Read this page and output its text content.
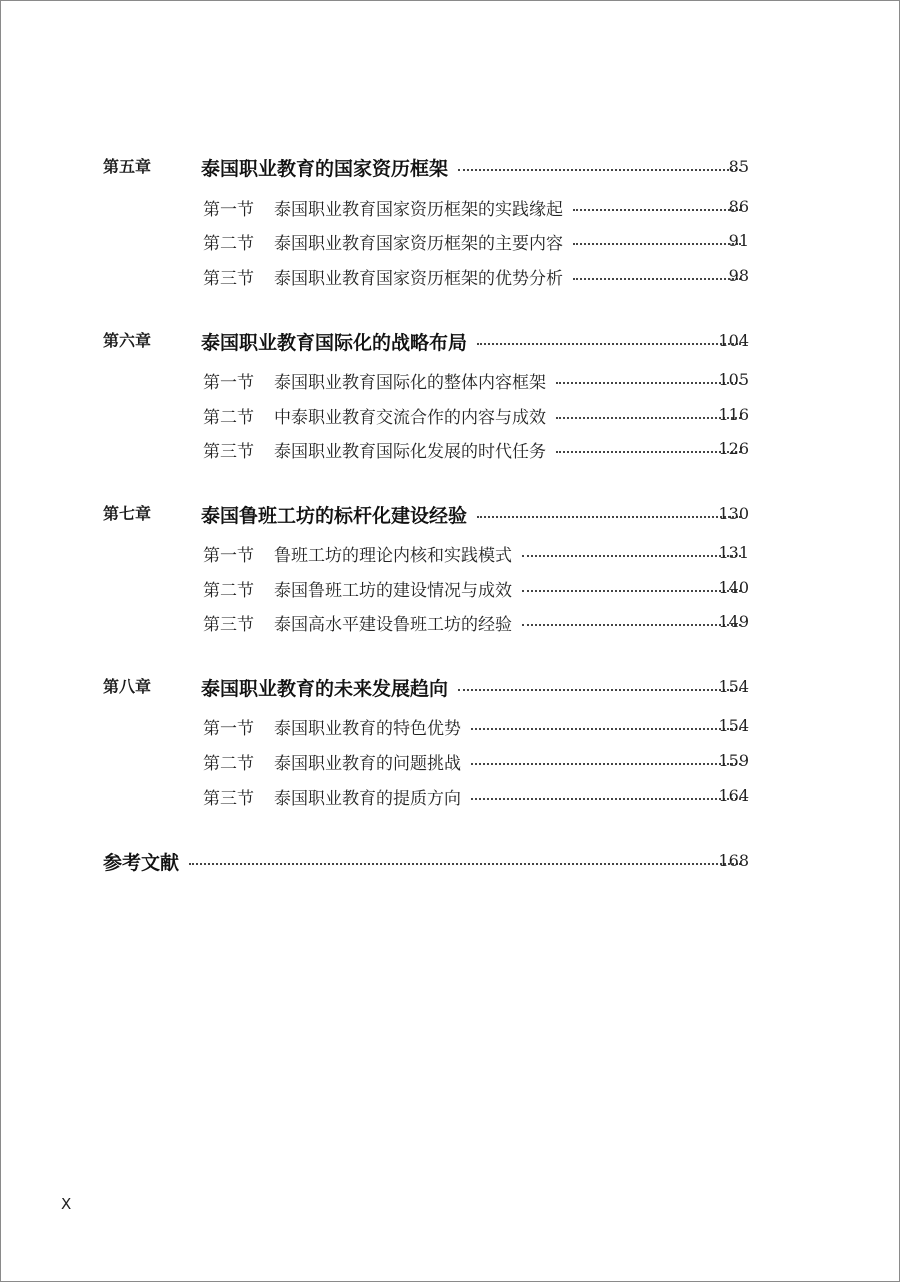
第五章	泰国职业教育的国家资历框架	85
第一节 泰国职业教育国家资历框架的实践缘起	86
第二节 泰国职业教育国家资历框架的主要内容	91
第三节 泰国职业教育国家资历框架的优势分析	98
第六章	泰国职业教育国际化的战略布局	104
第一节 泰国职业教育国际化的整体内容框架	105
第二节 中泰职业教育交流合作的内容与成效	116
第三节 泰国职业教育国际化发展的时代任务	126
第七章	泰国鲁班工坊的标杆化建设经验	130
第一节 鲁班工坊的理论内核和实践模式	131
第二节 泰国鲁班工坊的建设情况与成效	140
第三节 泰国高水平建设鲁班工坊的经验	149
第八章	泰国职业教育的未来发展趋向	154
第一节 泰国职业教育的特色优势	154
第二节 泰国职业教育的问题挑战	159
第三节 泰国职业教育的提质方向	164
参考文献	168
X
